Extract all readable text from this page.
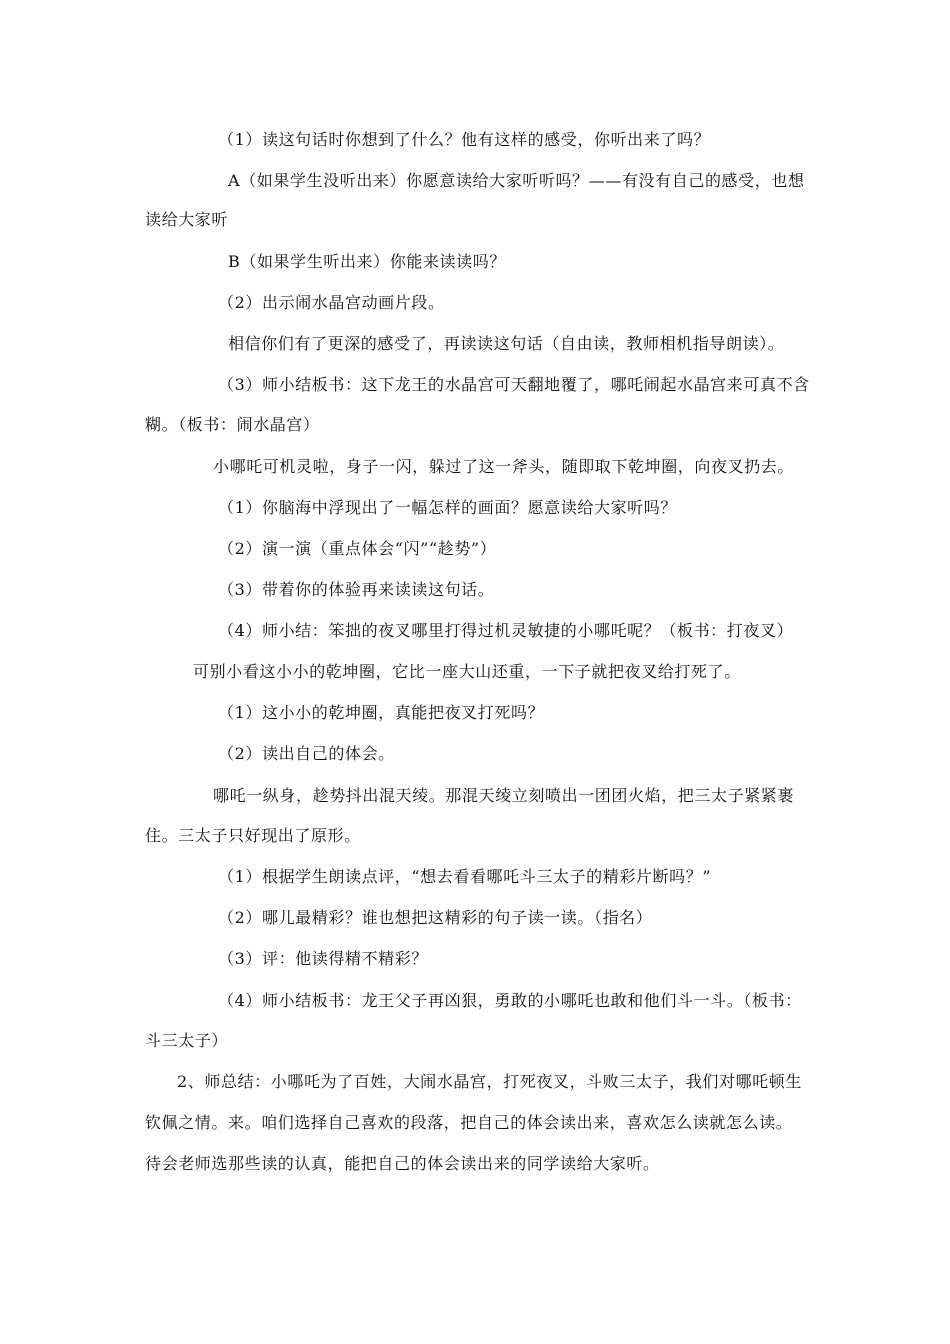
（1）读这句话时你想到了什么？他有这样的感受，你听出来了吗？
A（如果学生没听出来）你愿意读给大家听听吗？——有没有自己的感受，也想
读给大家听
B（如果学生听出来）你能来读读吗？
（2）出示闹水晶宫动画片段。
相信你们有了更深的感受了，再读读这句话（自由读，教师相机指导朗读）。
（3）师小结板书：这下龙王的水晶宫可天翻地覆了，哪吒闹起水晶宫来可真不含
糊。（板书：闹水晶宫）
小哪吒可机灵啦，身子一闪，躲过了这一斧头，随即取下乾坤圈，向夜叉扔去。
（1）你脑海中浮现出了一幅怎样的画面？愿意读给大家听吗？
（2）演一演（重点体会“闪”“趁势”）
（3）带着你的体验再来读读这句话。
（4）师小结：笨拙的夜叉哪里打得过机灵敏捷的小哪吒呢？（板书：打夜叉）
可别小看这小小的乾坤圈，它比一座大山还重，一下子就把夜叉给打死了。
（1）这小小的乾坤圈，真能把夜叉打死吗？
（2）读出自己的体会。
哪吒一纵身，趁势抖出混天绫。那混天绫立刻喷出一团团火焰，把三太子紧紧裹
住。三太子只好现出了原形。
（1）根据学生朗读点评，“想去看看哪吒斗三太子的精彩片断吗？”
（2）哪儿最精彩？谁也想把这精彩的句子读一读。（指名）
（3）评：他读得精不精彩？
（4）师小结板书：龙王父子再凶狠，勇敢的小哪吒也敢和他们斗一斗。（板书：
斗三太子）
2、师总结：小哪吒为了百姓，大闹水晶宫，打死夜叉，斗败三太子，我们对哪吒顿生
钦佩之情。来。咱们选择自己喜欢的段落，把自己的体会读出来，喜欢怎么读就怎么读。
待会老师选那些读的认真，能把自己的体会读出来的同学读给大家听。
